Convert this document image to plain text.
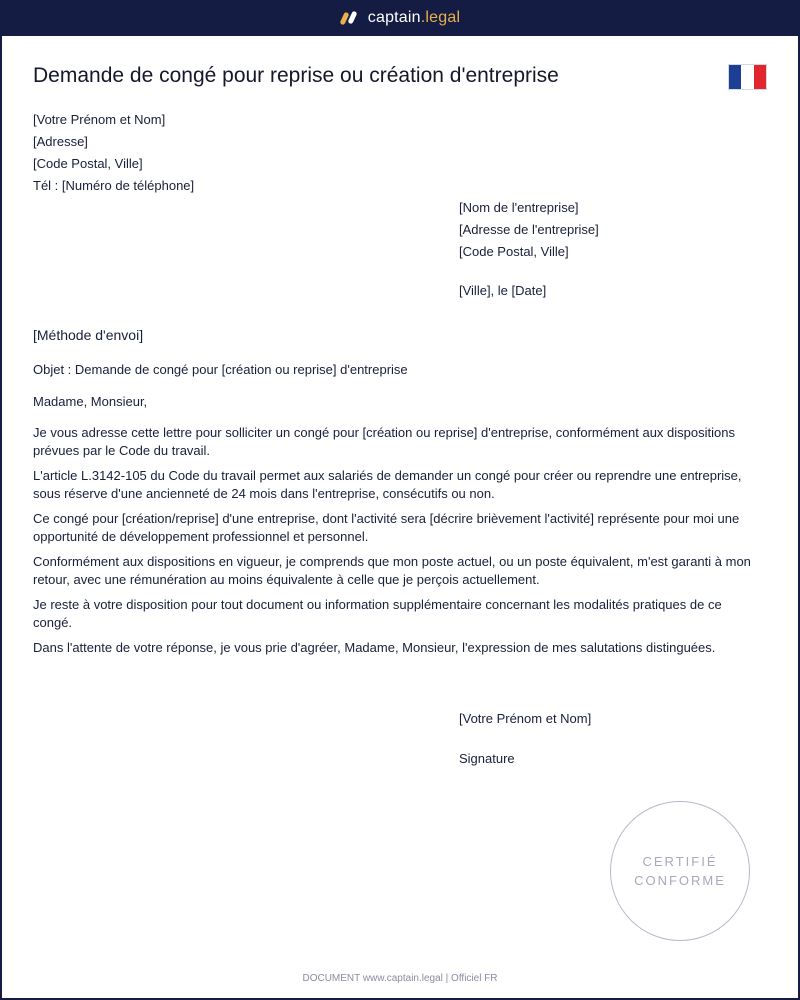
captain.legal
Demande de congé pour reprise ou création d'entreprise
[Votre Prénom et Nom]
[Adresse]
[Code Postal, Ville]
Tél : [Numéro de téléphone]
[Nom de l'entreprise]
[Adresse de l'entreprise]
[Code Postal, Ville]
[Ville], le [Date]
[Méthode d'envoi]
Objet : Demande de congé pour [création ou reprise] d'entreprise
Madame, Monsieur,

Je vous adresse cette lettre pour solliciter un congé pour [création ou reprise] d'entreprise, conformément aux dispositions prévues par le Code du travail.

L'article L.3142-105 du Code du travail permet aux salariés de demander un congé pour créer ou reprendre une entreprise, sous réserve d'une ancienneté de 24 mois dans l'entreprise, consécutifs ou non.

Ce congé pour [création/reprise] d'une entreprise, dont l'activité sera [décrire brièvement l'activité] représente pour moi une opportunité de développement professionnel et personnel.

Conformément aux dispositions en vigueur, je comprends que mon poste actuel, ou un poste équivalent, m'est garanti à mon retour, avec une rémunération au moins équivalente à celle que je perçois actuellement.

Je reste à votre disposition pour tout document ou information supplémentaire concernant les modalités pratiques de ce congé.

Dans l'attente de votre réponse, je vous prie d'agréer, Madame, Monsieur, l'expression de mes salutations distinguées.

[Votre Prénom et Nom]
Signature
CERTIFIÉ
CONFORME
DOCUMENT www.captain.legal | Officiel FR
